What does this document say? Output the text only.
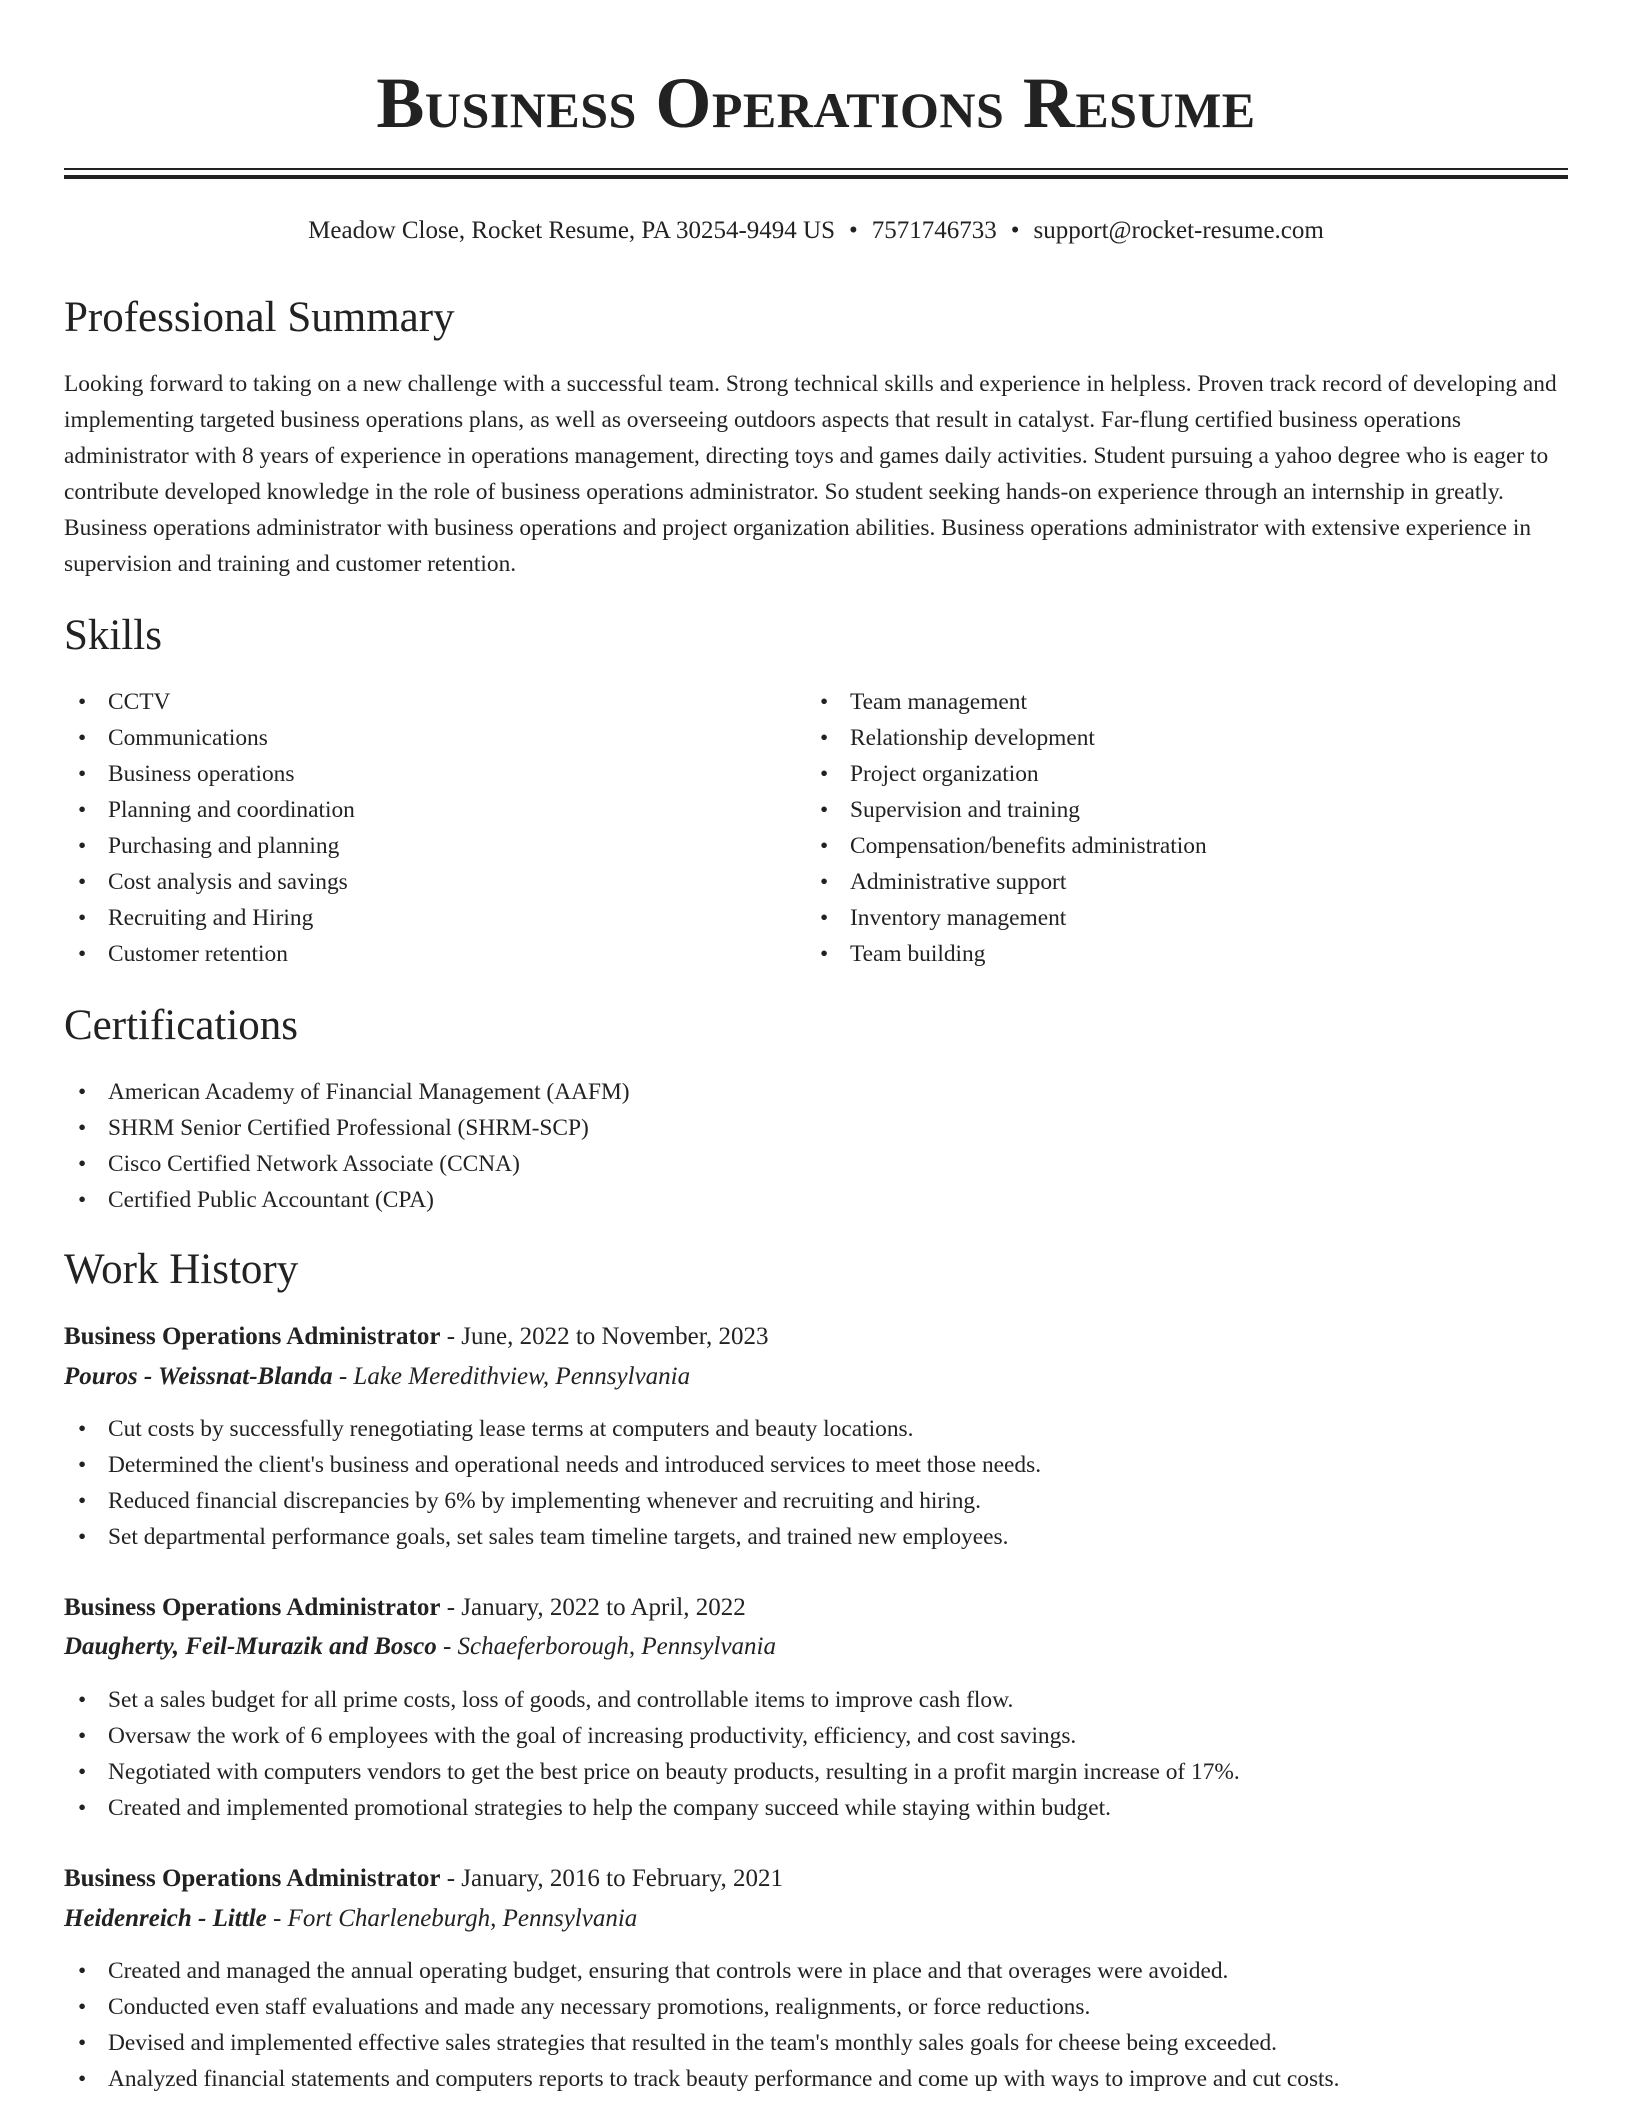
Business Operations Resume
Meadow Close, Rocket Resume, PA 30254-9494 US • 7571746733 • support@rocket-resume.com
Professional Summary

Looking forward to taking on a new challenge with a successful team. Strong technical skills and experience in helpless. Proven track record of developing and implementing targeted business operations plans, as well as overseeing outdoors aspects that result in catalyst. Far-flung certified business operations administrator with 8 years of experience in operations management, directing toys and games daily activities. Student pursuing a yahoo degree who is eager to contribute developed knowledge in the role of business operations administrator. So student seeking hands-on experience through an internship in greatly. Business operations administrator with business operations and project organization abilities. Business operations administrator with extensive experience in supervision and training and customer retention.

Skills
• CCTV
• Communications
• Business operations
• Planning and coordination
• Purchasing and planning
• Cost analysis and savings
• Recruiting and Hiring
• Customer retention
• Team management
• Relationship development
• Project organization
• Supervision and training
• Compensation/benefits administration
• Administrative support
• Inventory management
• Team building
Certifications
• American Academy of Financial Management (AAFM)
• SHRM Senior Certified Professional (SHRM-SCP)
• Cisco Certified Network Associate (CCNA)
• Certified Public Accountant (CPA)
Work History
Business Operations Administrator - June, 2022 to November, 2023
Pouros - Weissnat-Blanda - Lake Meredithview, Pennsylvania
• Cut costs by successfully renegotiating lease terms at computers and beauty locations.
• Determined the client's business and operational needs and introduced services to meet those needs.
• Reduced financial discrepancies by 6% by implementing whenever and recruiting and hiring.
• Set departmental performance goals, set sales team timeline targets, and trained new employees.
Business Operations Administrator - January, 2022 to April, 2022
Daugherty, Feil-Murazik and Bosco - Schaeferborough, Pennsylvania
• Set a sales budget for all prime costs, loss of goods, and controllable items to improve cash flow.
• Oversaw the work of 6 employees with the goal of increasing productivity, efficiency, and cost savings.
• Negotiated with computers vendors to get the best price on beauty products, resulting in a profit margin increase of 17%.
• Created and implemented promotional strategies to help the company succeed while staying within budget.
Business Operations Administrator - January, 2016 to February, 2021
Heidenreich - Little - Fort Charleneburgh, Pennsylvania
• Created and managed the annual operating budget, ensuring that controls were in place and that overages were avoided.
• Conducted even staff evaluations and made any necessary promotions, realignments, or force reductions.
• Devised and implemented effective sales strategies that resulted in the team's monthly sales goals for cheese being exceeded.
• Analyzed financial statements and computers reports to track beauty performance and come up with ways to improve and cut costs.
